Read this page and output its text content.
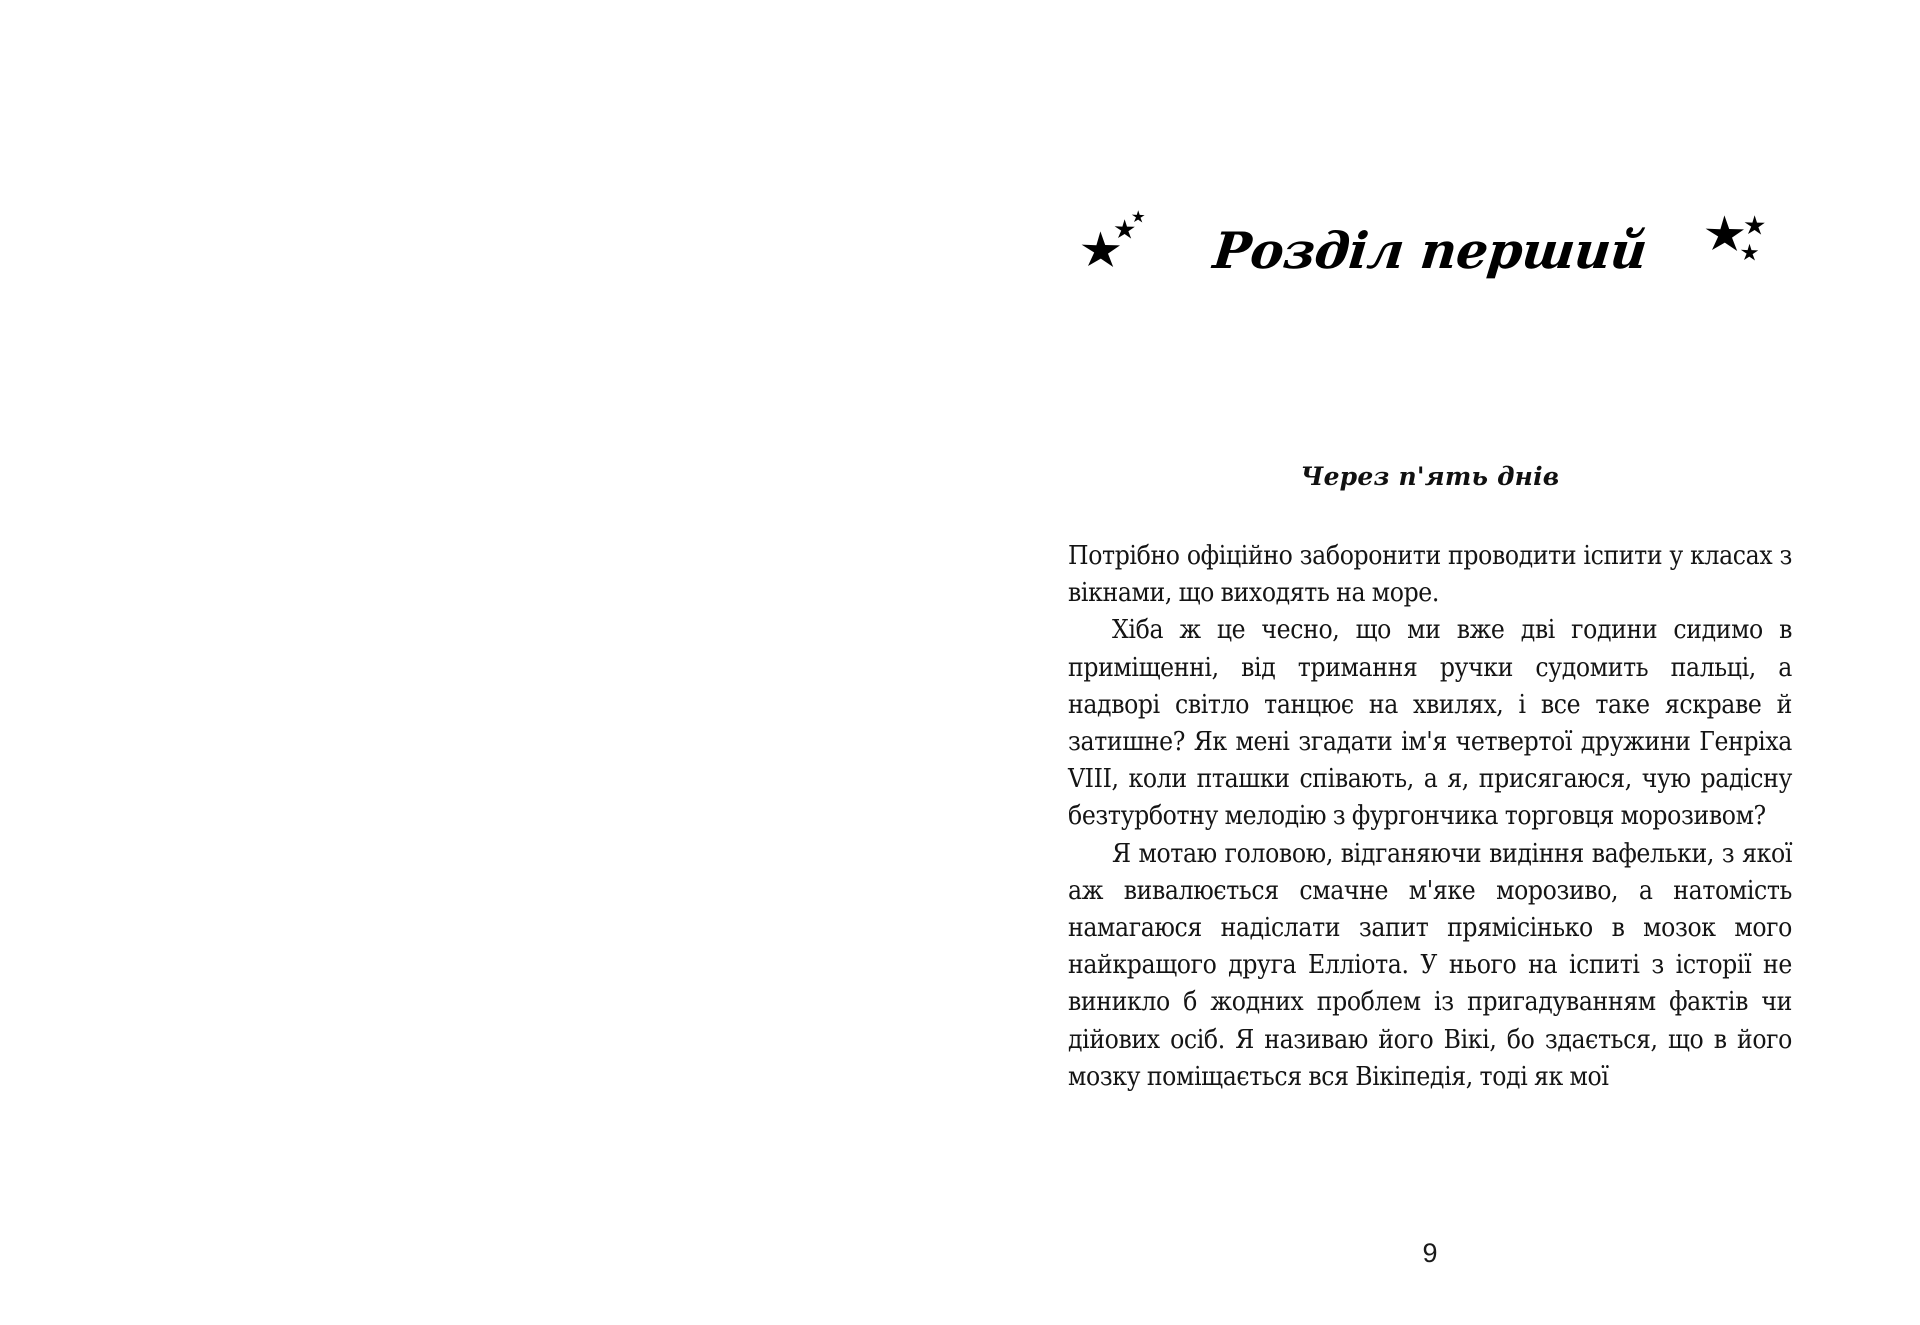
Розділ перший
Через п'ять днів

Потрібно офіційно заборонити проводити іспити у класах з вікнами, що виходять на море.

Хіба ж це чесно, що ми вже дві години сидимо в приміщенні, від тримання ручки судомить пальці, а надворі світло танцює на хвилях, і все таке яскраве й затишне? Як мені згадати ім'я четвертої дружини Генріха VIII, коли пташки співають, а я, присягаюся, чую радісну безтурботну мелодію з фургончика торговця морозивом?

Я мотаю головою, відганяючи видіння вафельки, з якої аж вивалюється смачне м'яке морозиво, а натомість намагаюся надіслати запит прямісінько в мозок мого найкращого друга Елліота. У нього на іспиті з історії не виникло б жодних проблем із пригадуванням фактів чи дійових осіб. Я називаю його Вікі, бо здається, що в його мозку поміщається вся Вікіпедія, тоді як мої

9
